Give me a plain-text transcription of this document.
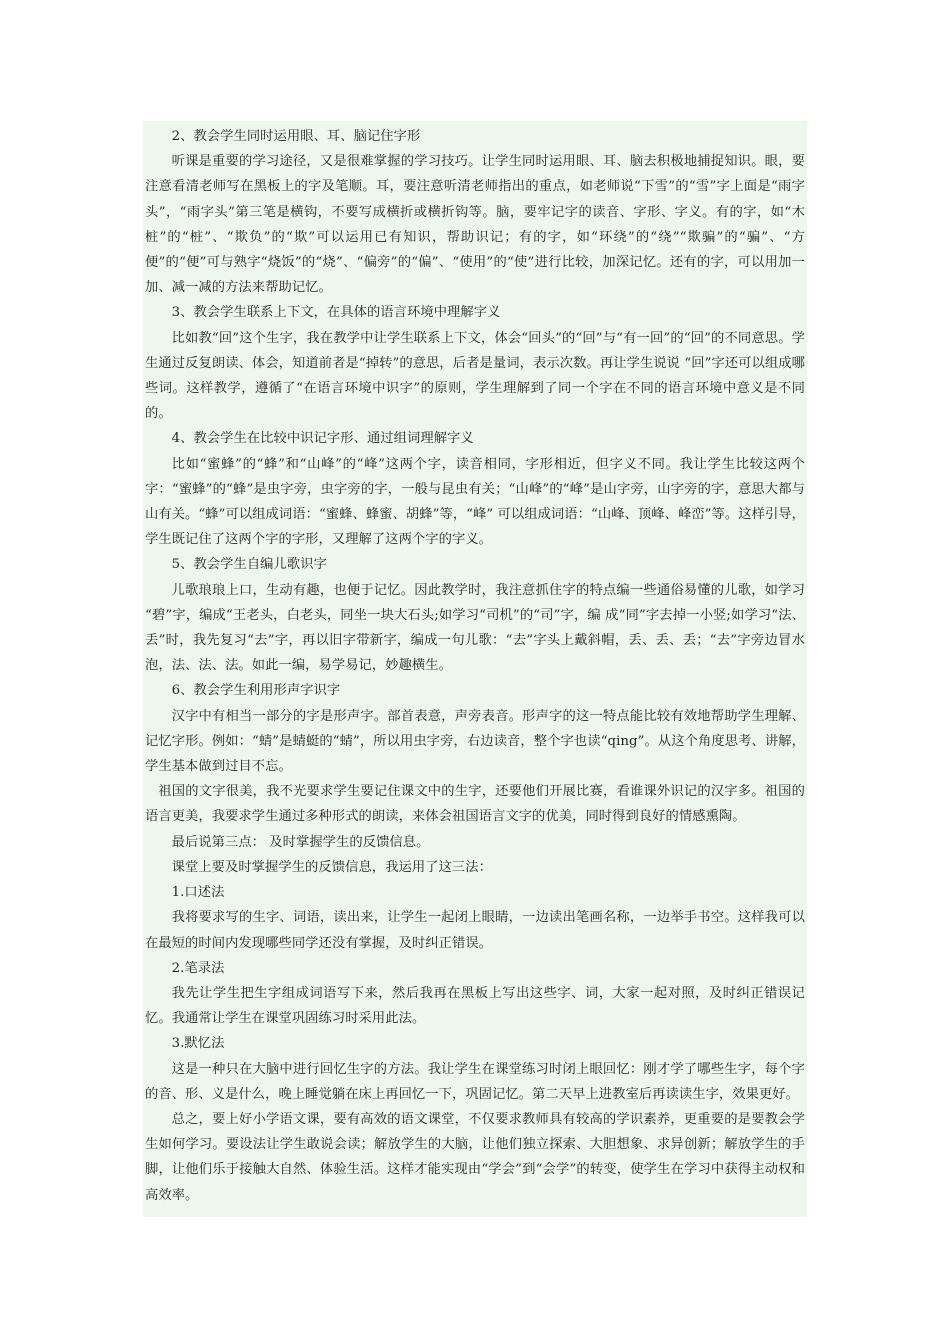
2、教会学生同时运用眼、耳、脑记住字形

听课是重要的学习途径，又是很难掌握的学习技巧。让学生同时运用眼、耳、脑去积极地捕捉知识。眼，要注意看清老师写在黑板上的字及笔顺。耳，要注意听清老师指出的重点，如老师说“下雪”的“雪”字上面是“雨字头”，“雨字头”第三笔是横钩，不要写成横折或横折钩等。脑，要牢记字的读音、字形、字义。有的字，如“木桩”的“桩”、“欺负”的“欺”可以运用已有知识，帮助识记；有的字，如“环绕”的“绕”“欺骗”的“骗”、“方便”的“便”可与熟字“烧饭”的“烧”、“偏旁”的“偏”、“使用”的“使”进行比较，加深记忆。还有的字，可以用加一加、减一减的方法来帮助记忆。

3、教会学生联系上下文，在具体的语言环境中理解字义

比如教“回”这个生字，我在教学中让学生联系上下文，体会“回头”的“回”与“有一回”的“回”的不同意思。学生通过反复朗读、体会，知道前者是“掉转”的意思，后者是量词，表示次数。再让学生说说 “回”字还可以组成哪些词。这样教学，遵循了“在语言环境中识字”的原则，学生理解到了同一个字在不同的语言环境中意义是不同的。

4、教会学生在比较中识记字形、通过组词理解字义

比如“蜜蜂”的“蜂”和“山峰”的“峰”这两个字，读音相同，字形相近，但字义不同。我让学生比较这两个字：“蜜蜂”的“蜂”是虫字旁，虫字旁的字，一般与昆虫有关；“山峰”的“峰”是山字旁，山字旁的字，意思大都与山有关。“蜂”可以组成词语：“蜜蜂、蜂蜜、胡蜂”等，“峰” 可以组成词语：“山峰、顶峰、峰峦”等。这样引导，学生既记住了这两个字的字形，又理解了这两个字的字义。

5、教会学生自编儿歌识字

儿歌琅琅上口，生动有趣，也便于记忆。因此教学时，我注意抓住字的特点编一些通俗易懂的儿歌，如学习 “碧”字，编成“王老头，白老头，同坐一块大石头;如学习“司机”的“司”字，编 成“同”字去掉一小竖;如学习“法、丢”时，我先复习“去”字，再以旧字带新字，编成一句儿歌：“去”字头上戴斜帽，丢、丢、丢；“去”字旁边冒水泡，法、法、法。如此一编，易学易记，妙趣横生。

6、教会学生利用形声字识字

汉字中有相当一部分的字是形声字。部首表意，声旁表音。形声字的这一特点能比较有效地帮助学生理解、记忆字形。例如：“蜻”是蜻蜓的“蜻”，所以用虫字旁，右边读音，整个字也读“qing”。从这个角度思考、讲解，学生基本做到过目不忘。

祖国的文字很美，我不光要求学生要记住课文中的生字，还要他们开展比赛，看谁课外识记的汉字多。祖国的语言更美，我要求学生通过多种形式的朗读，来体会祖国语言文字的优美，同时得到良好的情感熏陶。

最后说第三点： 及时掌握学生的反馈信息。

课堂上要及时掌握学生的反馈信息，我运用了这三法：

1.口述法

我将要求写的生字、词语，读出来，让学生一起闭上眼睛，一边读出笔画名称，一边举手书空。这样我可以在最短的时间内发现哪些同学还没有掌握，及时纠正错误。

2.笔录法

我先让学生把生字组成词语写下来，然后我再在黑板上写出这些字、词，大家一起对照，及时纠正错误记忆。我通常让学生在课堂巩固练习时采用此法。

3.默忆法

这是一种只在大脑中进行回忆生字的方法。我让学生在课堂练习时闭上眼回忆：刚才学了哪些生字，每个字的音、形、义是什么，晚上睡觉躺在床上再回忆一下，巩固记忆。第二天早上进教室后再读读生字，效果更好。

总之，要上好小学语文课，要有高效的语文课堂，不仅要求教师具有较高的学识素养，更重要的是要教会学生如何学习。要设法让学生敢说会读；解放学生的大脑，让他们独立探索、大胆想象、求异创新；解放学生的手脚，让他们乐于接触大自然、体验生活。这样才能实现由“学会”到“会学”的转变，使学生在学习中获得主动权和高效率。
